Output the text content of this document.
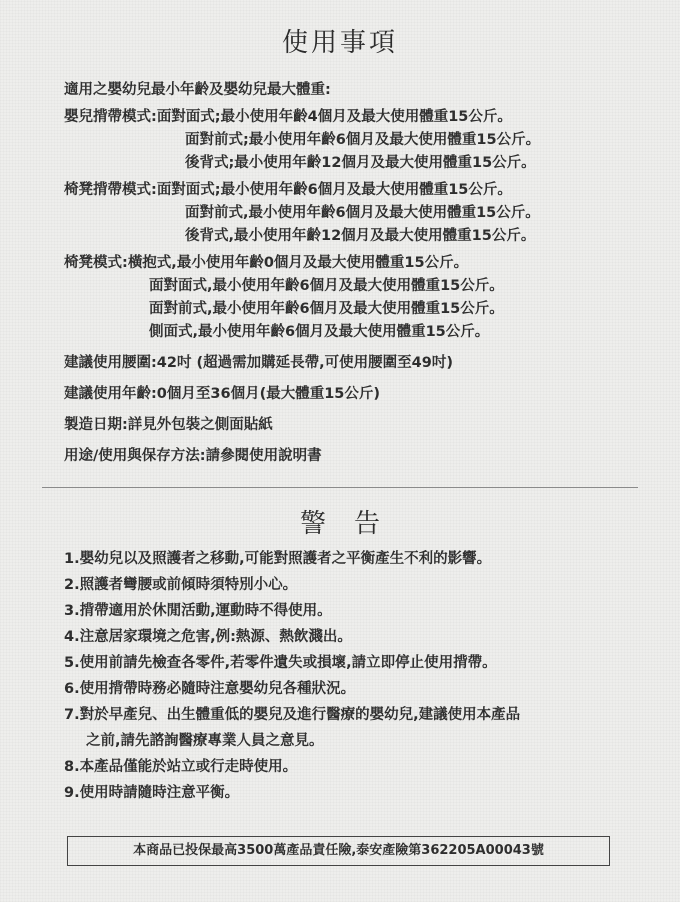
使用事項
適用之嬰幼兒最小年齡及嬰幼兒最大體重:
嬰兒揹帶模式:面對面式;最小使用年齡4個月及最大使用體重15公斤。
面對前式;最小使用年齡6個月及最大使用體重15公斤。
後背式;最小使用年齡12個月及最大使用體重15公斤。
椅凳揹帶模式:面對面式;最小使用年齡6個月及最大使用體重15公斤。
面對前式,最小使用年齡6個月及最大使用體重15公斤。
後背式,最小使用年齡12個月及最大使用體重15公斤。
椅凳模式:橫抱式,最小使用年齡0個月及最大使用體重15公斤。
面對面式,最小使用年齡6個月及最大使用體重15公斤。
面對前式,最小使用年齡6個月及最大使用體重15公斤。
側面式,最小使用年齡6個月及最大使用體重15公斤。
建議使用腰圍:42吋 (超過需加購延長帶,可使用腰圍至49吋)
建議使用年齡:0個月至36個月(最大體重15公斤)
製造日期:詳見外包裝之側面貼紙
用途/使用與保存方法:請參閱使用說明書
警告
1.嬰幼兒以及照護者之移動,可能對照護者之平衡產生不利的影響。
2.照護者彎腰或前傾時須特別小心。
3.揹帶適用於休閒活動,運動時不得使用。
4.注意居家環境之危害,例:熱源、熱飲濺出。
5.使用前請先檢查各零件,若零件遺失或損壞,請立即停止使用揹帶。
6.使用揹帶時務必隨時注意嬰幼兒各種狀況。
7.對於早產兒、出生體重低的嬰兒及進行醫療的嬰幼兒,建議使用本產品
之前,請先諮詢醫療專業人員之意見。
8.本產品僅能於站立或行走時使用。
9.使用時請隨時注意平衡。
本商品已投保最高3500萬產品責任險,泰安產險第362205A00043號
